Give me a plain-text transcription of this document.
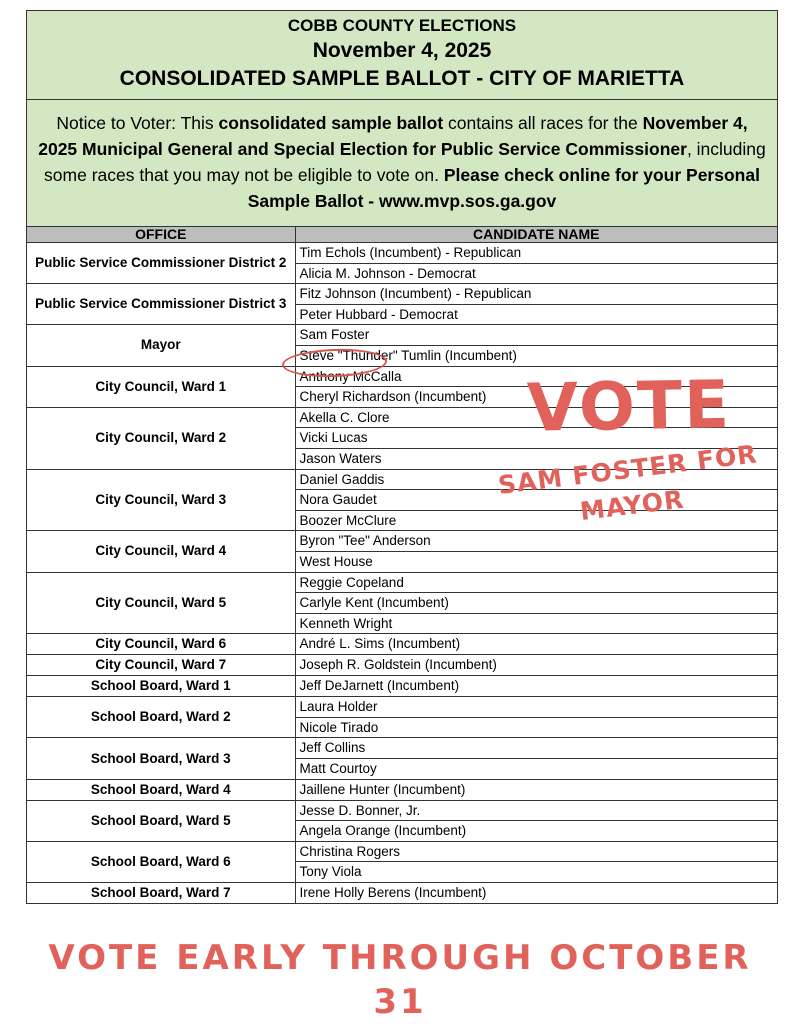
COBB COUNTY ELECTIONS
November 4, 2025
CONSOLIDATED SAMPLE BALLOT - CITY OF MARIETTA
Notice to Voter: This consolidated sample ballot contains all races for the November 4, 2025 Municipal General and Special Election for Public Service Commissioner, including some races that you may not be eligible to vote on. Please check online for your Personal Sample Ballot - www.mvp.sos.ga.gov
OFFICE	CANDIDATE NAME
Public Service Commissioner District 2	Tim Echols (Incumbent) - Republican
	Alicia M. Johnson - Democrat
Public Service Commissioner District 3	Fitz Johnson (Incumbent) - Republican
	Peter Hubbard - Democrat
Mayor	Sam Foster
	Steve "Thunder" Tumlin (Incumbent)
City Council, Ward 1	Anthony McCalla
	Cheryl Richardson (Incumbent)
City Council, Ward 2	Akella C. Clore
	Vicki Lucas
	Jason Waters
City Council, Ward 3	Daniel Gaddis
	Nora Gaudet
	Boozer McClure
City Council, Ward 4	Byron "Tee" Anderson
	West House
City Council, Ward 5	Reggie Copeland
	Carlyle Kent (Incumbent)
	Kenneth Wright
City Council, Ward 6	André L. Sims (Incumbent)
City Council, Ward 7	Joseph R. Goldstein (Incumbent)
School Board, Ward 1	Jeff DeJarnett (Incumbent)
School Board, Ward 2	Laura Holder
	Nicole Tirado
School Board, Ward 3	Jeff Collins
	Matt Courtoy
School Board, Ward 4	Jaillene Hunter (Incumbent)
School Board, Ward 5	Jesse D. Bonner, Jr.
	Angela Orange (Incumbent)
School Board, Ward 6	Christina Rogers
	Tony Viola
School Board, Ward 7	Irene Holly Berens (Incumbent)
VOTE
SAM FOSTER FOR MAYOR
VOTE EARLY THROUGH OCTOBER 31
